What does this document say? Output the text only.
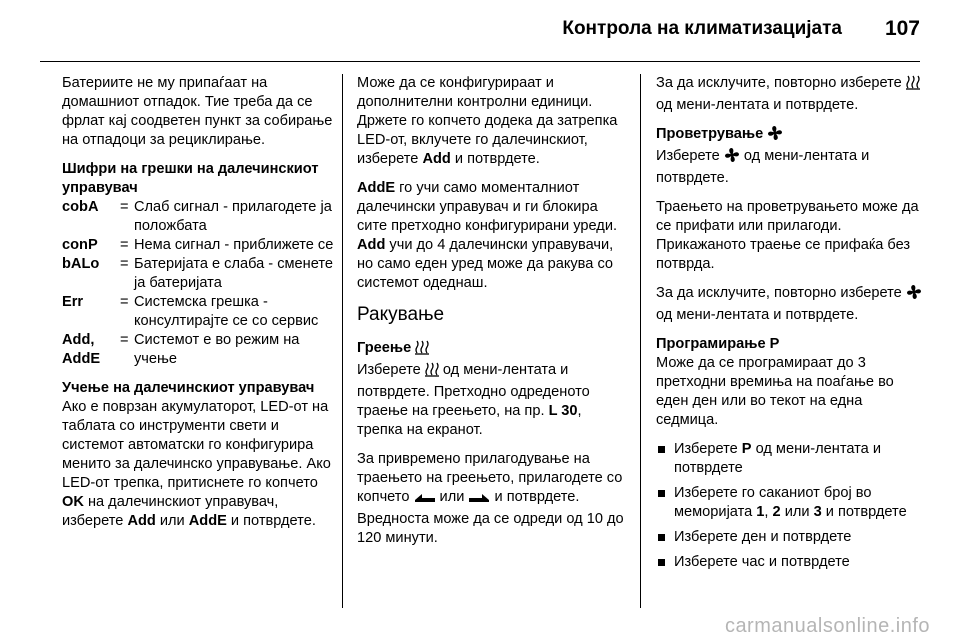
Контрола на климатизацијата 107

Батериите не му припаѓаат на домашниот отпадок. Тие треба да се фрлат кај соодветен пункт за собирање на отпадоци за рециклирање.

Шифри на грешки на далечинскиот управувач
cobA	= Слаб сигнал - прилагодете ја положбата
conP	= Нема сигнал - приближете се
bALo	= Батеријата е слаба - сменете ја батеријата
Err	= Системска грешка - консултирајте се со сервис
Add, AddE
= Системот е во режим на учење
Учење на далечинскиот управувач

Ако е поврзан акумулаторот, LED-от на таблата со инструменти свети и системот автоматски го конфигурира менито за далечинско управување. Ако LED-от трепка, притиснете го копчето OK на далечинскиот управувач, изберете Add или AddE и потврдете.

Може да се конфигурираат и дополнителни контролни единици. Држете го копчето додека да затрепка LED-от, вклучете го далечинскиот, изберете Add и потврдете.

AddE го учи само моменталниот далечински управувач и ги блокира сите претходно конфигурирани уреди. Add учи до 4 далечински управувачи, но само еден уред може да ракува со системот одеднаш.

Ракување
Греење

Изберете  од мени-лентата и потврдете. Претходно одреденото траење на греењето, на пр. L 30, трепка на екранот.

За привремено прилагодување на траењето на греењето, прилагодете со копчето  или  и потврдете. Вредноста може да се одреди од 10 до 120 минути.

За да исклучите, повторно изберете  од мени-лентата и потврдете.

Проветрување

Изберете  од мени-лентата и потврдете.

Траењето на проветрувањето може да се прифати или прилагоди. Прикажаното траење се прифаќа без потврда.

За да исклучите, повторно изберете  од мени-лентата и потврдете.

Програмирање P

Може да се програмираат до 3 претходни времиња на поаѓање во еден ден или во текот на една седмица.

Изберете P од мени-лентата и потврдете
Изберете го саканиот број во меморијата 1, 2 или 3 и потврдете
Изберете ден и потврдете
Изберете час и потврдете
carmanualsonline.info
